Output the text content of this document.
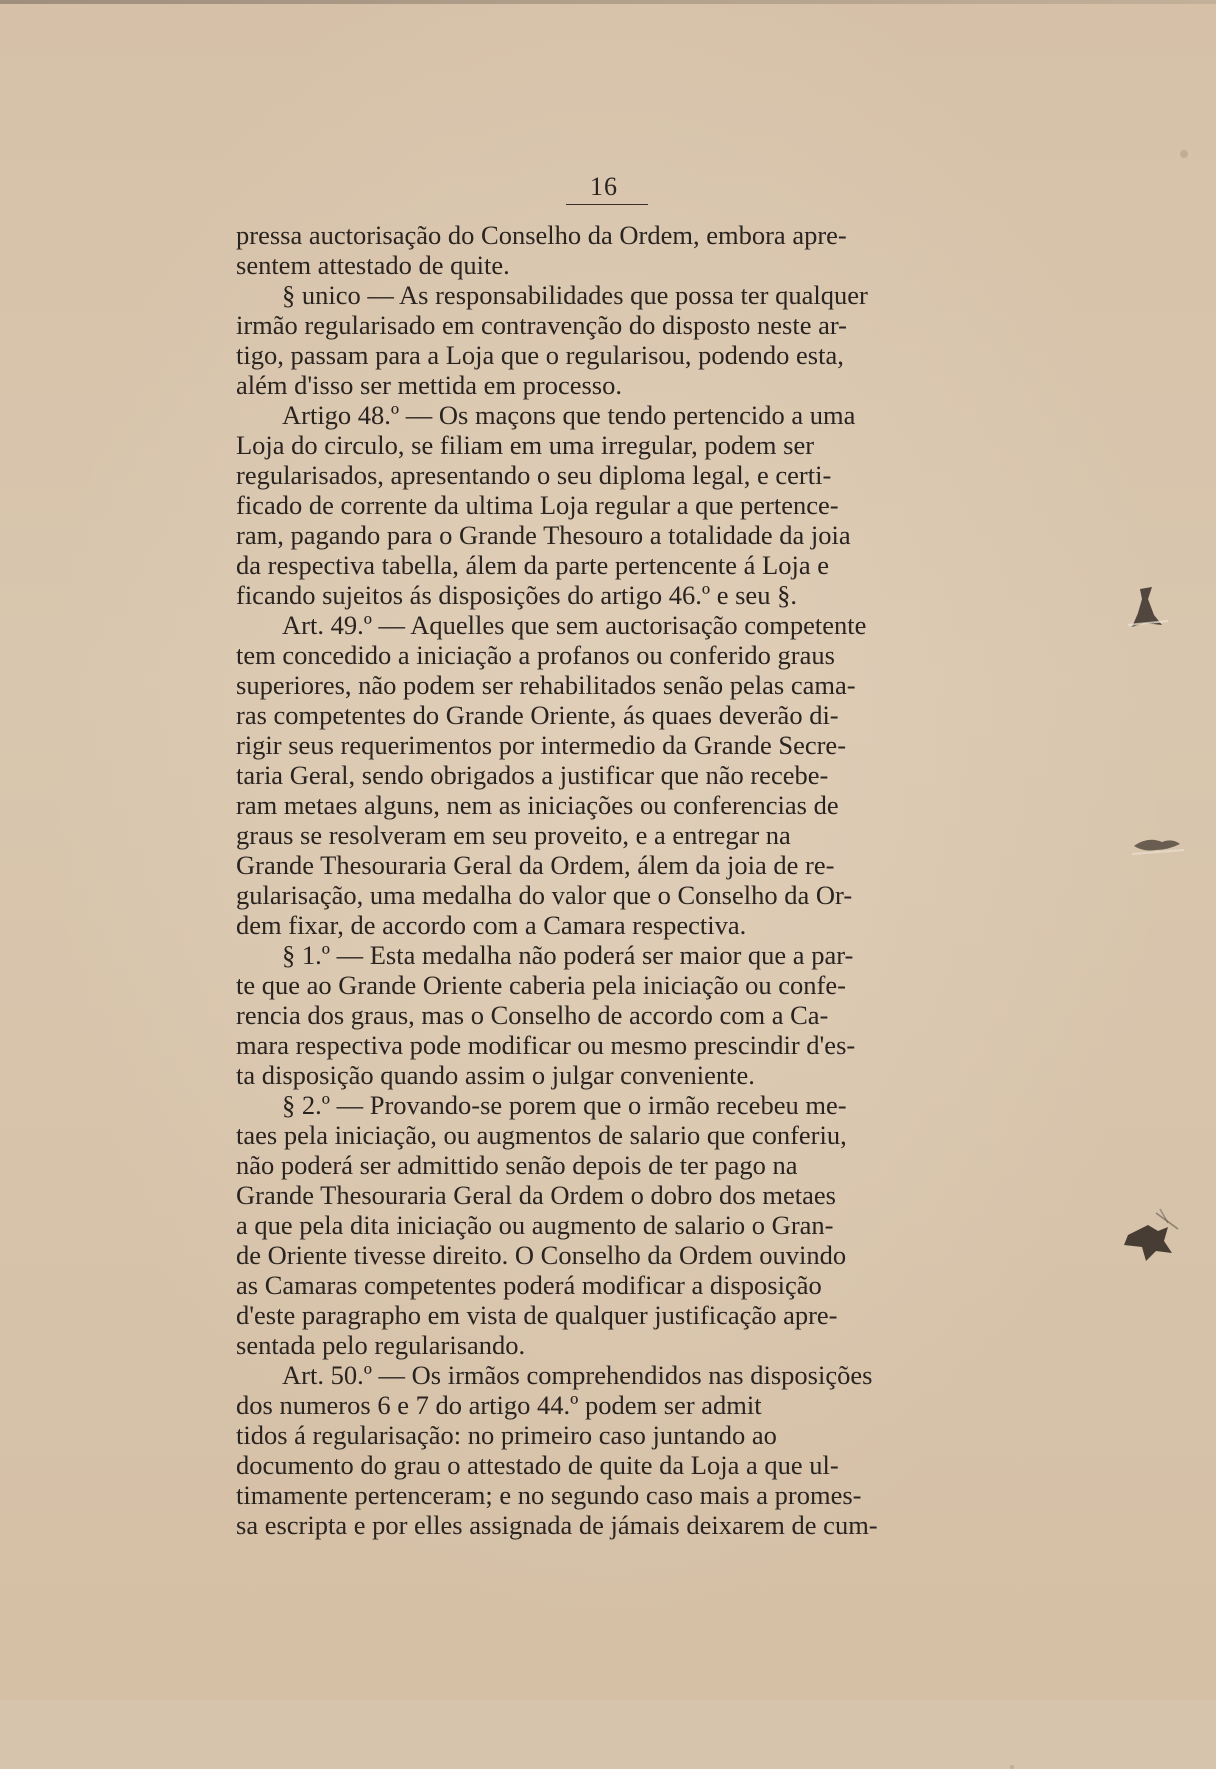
16
pressa auctorisação do Conselho da Ordem, embora apre-
sentem attestado de quite.
§ unico — As responsabilidades que possa ter qualquer
irmão regularisado em contravenção do disposto neste ar-
tigo, passam para a Loja que o regularisou, podendo esta,
além d'isso ser mettida em processo.
Artigo 48.º — Os maçons que tendo pertencido a uma
Loja do circulo, se filiam em uma irregular, podem ser
regularisados, apresentando o seu diploma legal, e certi-
ficado de corrente da ultima Loja regular a que pertence-
ram, pagando para o Grande Thesouro a totalidade da joia
da respectiva tabella, álem da parte pertencente á Loja e
ficando sujeitos ás disposições do artigo 46.º e seu §.
Art. 49.º — Aquelles que sem auctorisação competente
tem concedido a iniciação a profanos ou conferido graus
superiores, não podem ser rehabilitados senão pelas cama-
ras competentes do Grande Oriente, ás quaes deverão di-
rigir seus requerimentos por intermedio da Grande Secre-
taria Geral, sendo obrigados a justificar que não recebe-
ram metaes alguns, nem as iniciações ou conferencias de
graus se resolveram em seu proveito, e a entregar na
Grande Thesouraria Geral da Ordem, álem da joia de re-
gularisação, uma medalha do valor que o Conselho da Or-
dem fixar, de accordo com a Camara respectiva.
§ 1.º — Esta medalha não poderá ser maior que a par-
te que ao Grande Oriente caberia pela iniciação ou confe-
rencia dos graus, mas o Conselho de accordo com a Ca-
mara respectiva pode modificar ou mesmo prescindir d'es-
ta disposição quando assim o julgar conveniente.
§ 2.º — Provando-se porem que o irmão recebeu me-
taes pela iniciação, ou augmentos de salario que conferiu,
não poderá ser admittido senão depois de ter pago na
Grande Thesouraria Geral da Ordem o dobro dos metaes
a que pela dita iniciação ou augmento de salario o Gran-
de Oriente tivesse direito. O Conselho da Ordem ouvindo
as Camaras competentes poderá modificar a disposição
d'este paragrapho em vista de qualquer justificação apre-
sentada pelo regularisando.
Art. 50.º — Os irmãos comprehendidos nas disposições
dos numeros 6 e 7 do artigo 44.º podem ser admit
tidos á regularisação: no primeiro caso juntando ao
documento do grau o attestado de quite da Loja a que ul-
timamente pertenceram; e no segundo caso mais a promes-
sa escripta e por elles assignada de jámais deixarem de cum-
